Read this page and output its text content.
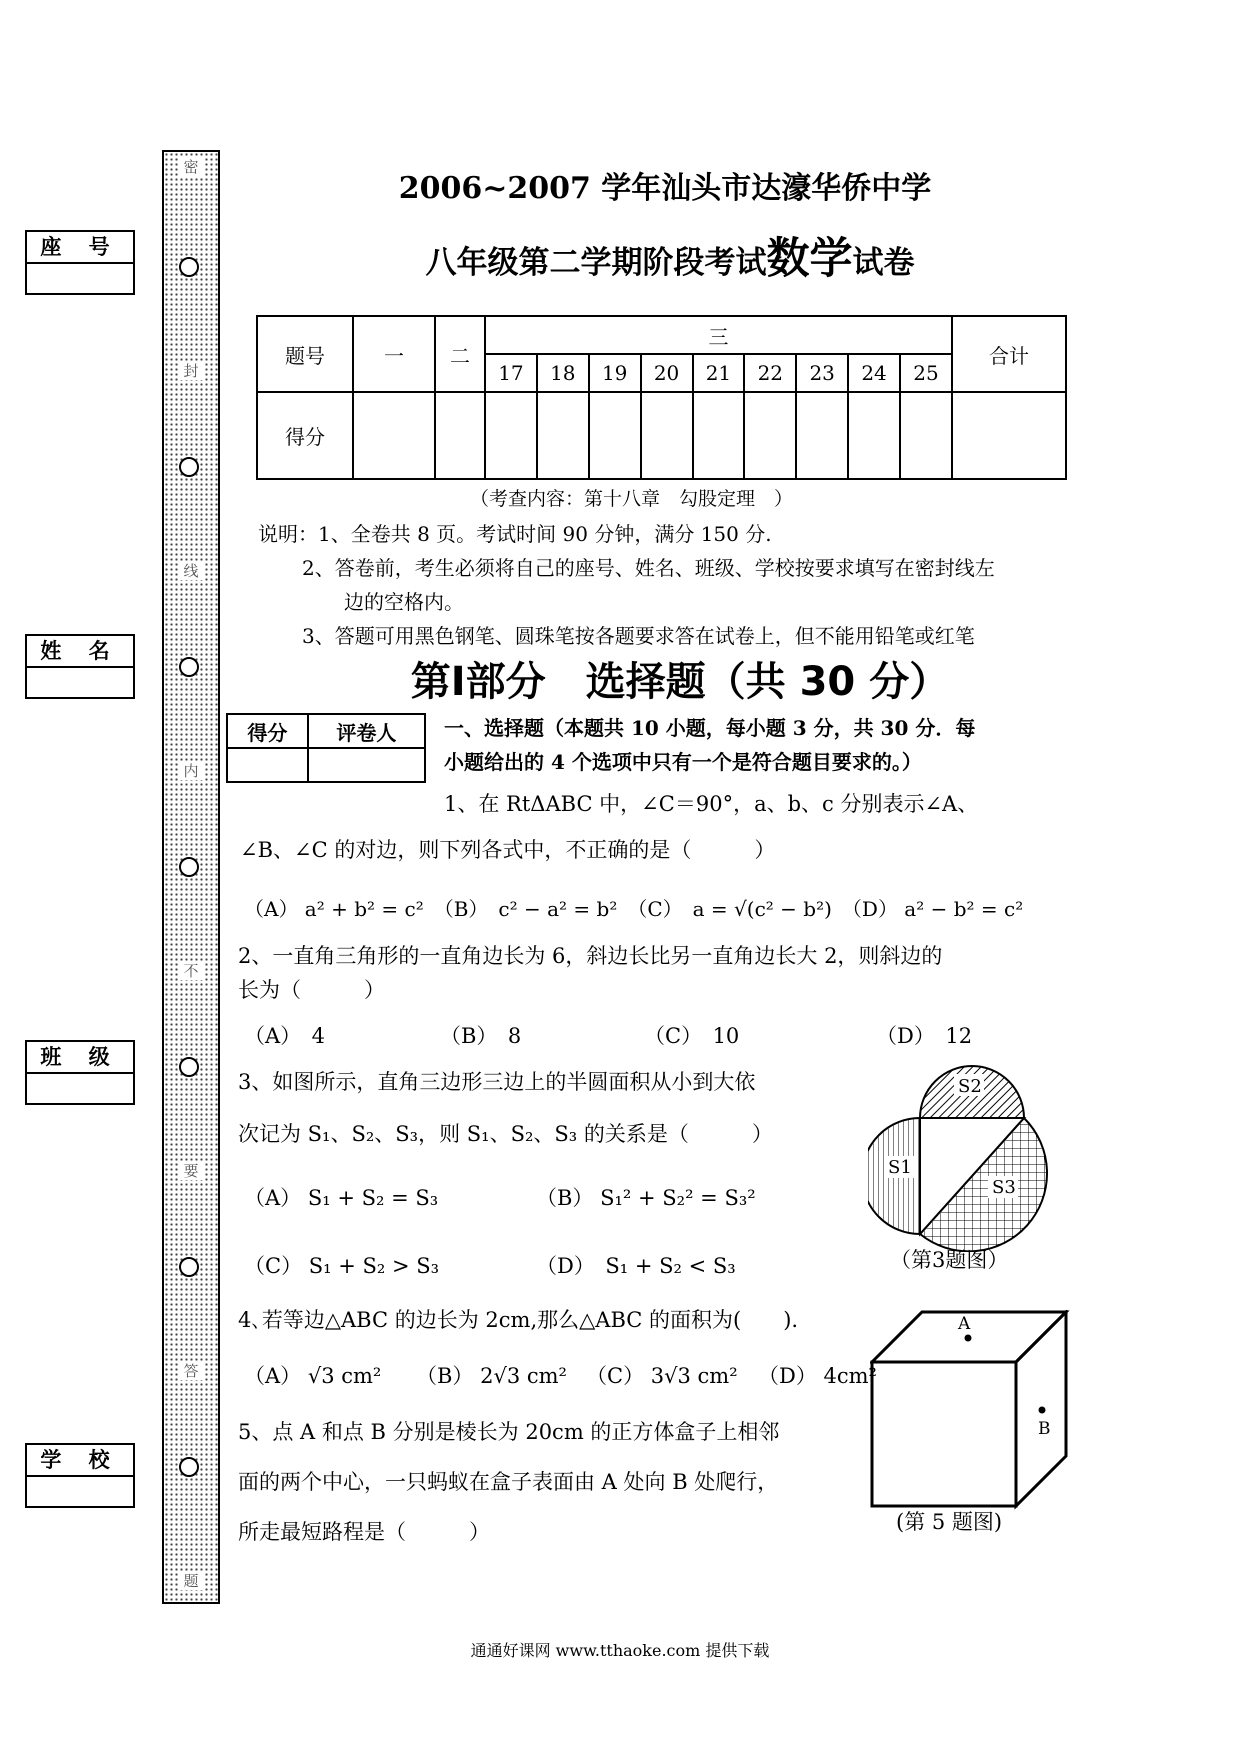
座 号
姓 名
班 级
学 校
密
封
线
内
不
要
答
题
2006~2007 学年汕头市达濠华侨中学
八年级第二学期阶段考试数学试卷
题号	一	二	三									合计
			17	18	19	20	21	22	23	24	25	
得分												
（考查内容：第十八章　勾股定理　）
说明：1、全卷共 8 页。考试时间 90 分钟，满分 150 分.
2、答卷前，考生必须将自己的座号、姓名、班级、学校按要求填写在密封线左
边的空格内。
3、答题可用黑色钢笔、圆珠笔按各题要求答在试卷上，但不能用铅笔或红笔
第Ⅰ部分　选择题（共 30 分）
得分	评卷人
	一、选择题（本题共 10 小题，每小题 3 分，共 30 分．每
小题给出的 4 个选项中只有一个是符合题目要求的。）
1、在 RtΔABC 中，∠C＝90°，a、b、c 分别表示∠A、
∠B、∠C 的对边，则下列各式中，不正确的是（　　　）
（A） a² + b² = c²　（B）　c² − a² = b²　（C）　a = √(c² − b²)　（D） a² − b² = c²
2、一直角三角形的一直角边长为 6，斜边长比另一直角边长大 2，则斜边的
长为（　　　）
（A）　4	（B）　8	（C）　10	（D）　12
3、如图所示，直角三边形三边上的半圆面积从小到大依
次记为 S₁、S₂、S₃，则 S₁、S₂、S₃ 的关系是（　　　）
（A） S₁ + S₂ = S₃	（B） S₁² + S₂² = S₃²
（C） S₁ + S₂ > S₃	（D）　S₁ + S₂ < S₃
S2
S1
S3
（第3题图）
4､若等边△ABC 的边长为 2cm,那么△ABC 的面积为(　　).
（A） √3 cm² （B） 2√3 cm² （C） 3√3 cm² （D） 4cm²
5、点 A 和点 B 分别是棱长为 20cm 的正方体盒子上相邻
面的两个中心，一只蚂蚁在盒子表面由 A 处向 B 处爬行，
所走最短路程是（　　　）
A
B
(第 5 题图)
通通好课网 www.tthaoke.com 提供下载
